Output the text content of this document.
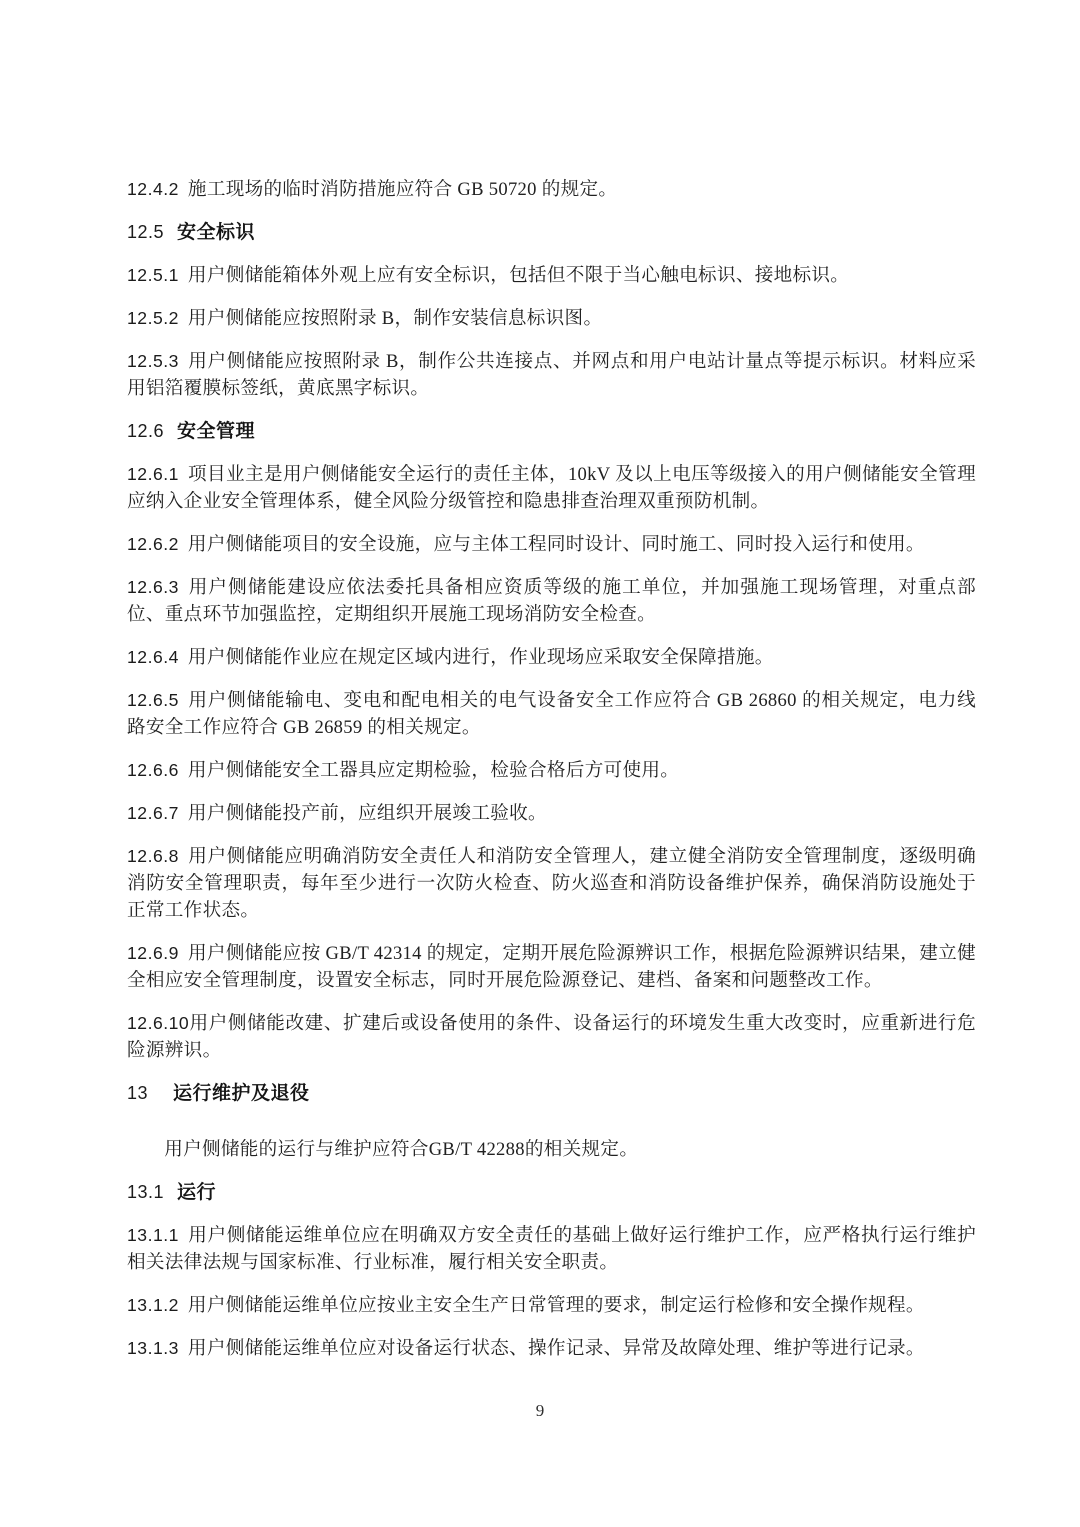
12.4.2 施工现场的临时消防措施应符合 GB 50720 的规定。

12.5 安全标识

12.5.1 用户侧储能箱体外观上应有安全标识，包括但不限于当心触电标识、接地标识。

12.5.2 用户侧储能应按照附录 B，制作安装信息标识图。

12.5.3 用户侧储能应按照附录 B，制作公共连接点、并网点和用户电站计量点等提示标识。材料应采用铝箔覆膜标签纸，黄底黑字标识。

12.6 安全管理

12.6.1 项目业主是用户侧储能安全运行的责任主体，10kV 及以上电压等级接入的用户侧储能安全管理应纳入企业安全管理体系，健全风险分级管控和隐患排查治理双重预防机制。

12.6.2 用户侧储能项目的安全设施，应与主体工程同时设计、同时施工、同时投入运行和使用。

12.6.3 用户侧储能建设应依法委托具备相应资质等级的施工单位，并加强施工现场管理，对重点部位、重点环节加强监控，定期组织开展施工现场消防安全检查。

12.6.4 用户侧储能作业应在规定区域内进行，作业现场应采取安全保障措施。

12.6.5 用户侧储能输电、变电和配电相关的电气设备安全工作应符合 GB 26860 的相关规定，电力线路安全工作应符合 GB 26859 的相关规定。

12.6.6 用户侧储能安全工器具应定期检验，检验合格后方可使用。

12.6.7 用户侧储能投产前，应组织开展竣工验收。

12.6.8 用户侧储能应明确消防安全责任人和消防安全管理人，建立健全消防安全管理制度，逐级明确消防安全管理职责，每年至少进行一次防火检查、防火巡查和消防设备维护保养，确保消防设施处于正常工作状态。

12.6.9 用户侧储能应按 GB/T 42314 的规定，定期开展危险源辨识工作，根据危险源辨识结果，建立健全相应安全管理制度，设置安全标志，同时开展危险源登记、建档、备案和问题整改工作。

12.6.10用户侧储能改建、扩建后或设备使用的条件、设备运行的环境发生重大改变时，应重新进行危险源辨识。

13 运行维护及退役

用户侧储能的运行与维护应符合GB/T 42288的相关规定。

13.1 运行

13.1.1 用户侧储能运维单位应在明确双方安全责任的基础上做好运行维护工作，应严格执行运行维护相关法律法规与国家标准、行业标准，履行相关安全职责。

13.1.2 用户侧储能运维单位应按业主安全生产日常管理的要求，制定运行检修和安全操作规程。

13.1.3 用户侧储能运维单位应对设备运行状态、操作记录、异常及故障处理、维护等进行记录。

9
